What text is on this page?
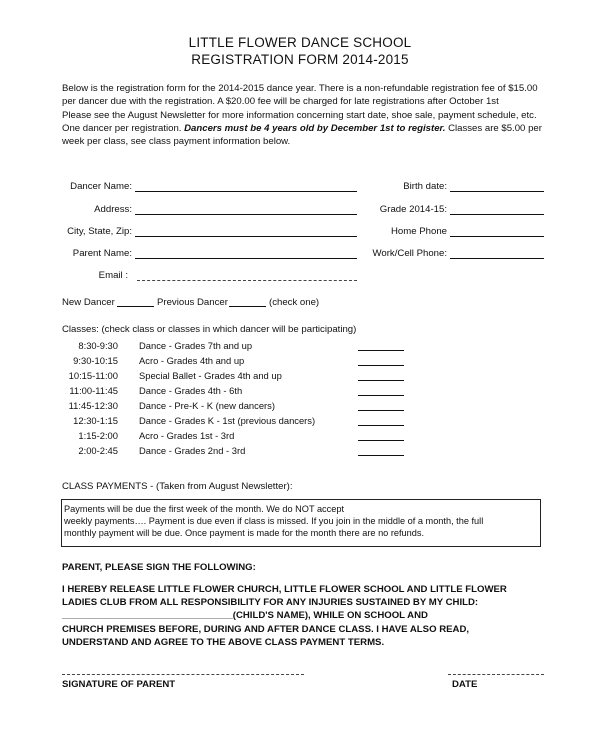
LITTLE FLOWER DANCE SCHOOL
REGISTRATION FORM 2014-2015
Below is the registration form for the 2014-2015 dance year. There is a non-refundable registration fee of $15.00
per dancer due with the registration. A $20.00 fee will be charged for late registrations after October 1st
Please see the August Newsletter for more information concerning start date, shoe sale, payment schedule, etc.
One dancer per registration. Dancers must be 4 years old by December 1st to register. Classes are $5.00 per
week per class, see class payment information below.
Dancer Name:
Address:
City, State, Zip:
Parent Name:
Email :
Birth date:
Grade 2014-15:
Home Phone
Work/Cell Phone:
New Dancer	Previous Dancer	(check one)
Classes: (check class or classes in which dancer will be participating)
8:30-9:30 Dance - Grades 7th and up
9:30-10:15 Acro - Grades 4th and up
10:15-11:00 Special Ballet - Grades 4th and up
11:00-11:45 Dance - Grades 4th - 6th
11:45-12:30 Dance - Pre-K - K (new dancers)
12:30-1:15 Dance - Grades K - 1st (previous dancers)
1:15-2:00 Acro - Grades 1st - 3rd
2:00-2:45 Dance - Grades 2nd - 3rd
CLASS PAYMENTS - (Taken from August Newsletter):
Payments will be due the first week of the month. We do NOT accept
weekly payments…. Payment is due even if class is missed. If you join in the middle of a month, the full
monthly payment will be due. Once payment is made for the month there are no refunds.
PARENT, PLEASE SIGN THE FOLLOWING:
I HEREBY RELEASE LITTLE FLOWER CHURCH, LITTLE FLOWER SCHOOL AND LITTLE FLOWER
LADIES CLUB FROM ALL RESPONSIBILITY FOR ANY INJURIES SUSTAINED BY MY CHILD:
________________________________(CHILD'S NAME), WHILE ON SCHOOL AND
CHURCH PREMISES BEFORE, DURING AND AFTER DANCE CLASS. I HAVE ALSO READ,
UNDERSTAND AND AGREE TO THE ABOVE CLASS PAYMENT TERMS.
SIGNATURE OF PARENT	DATE
